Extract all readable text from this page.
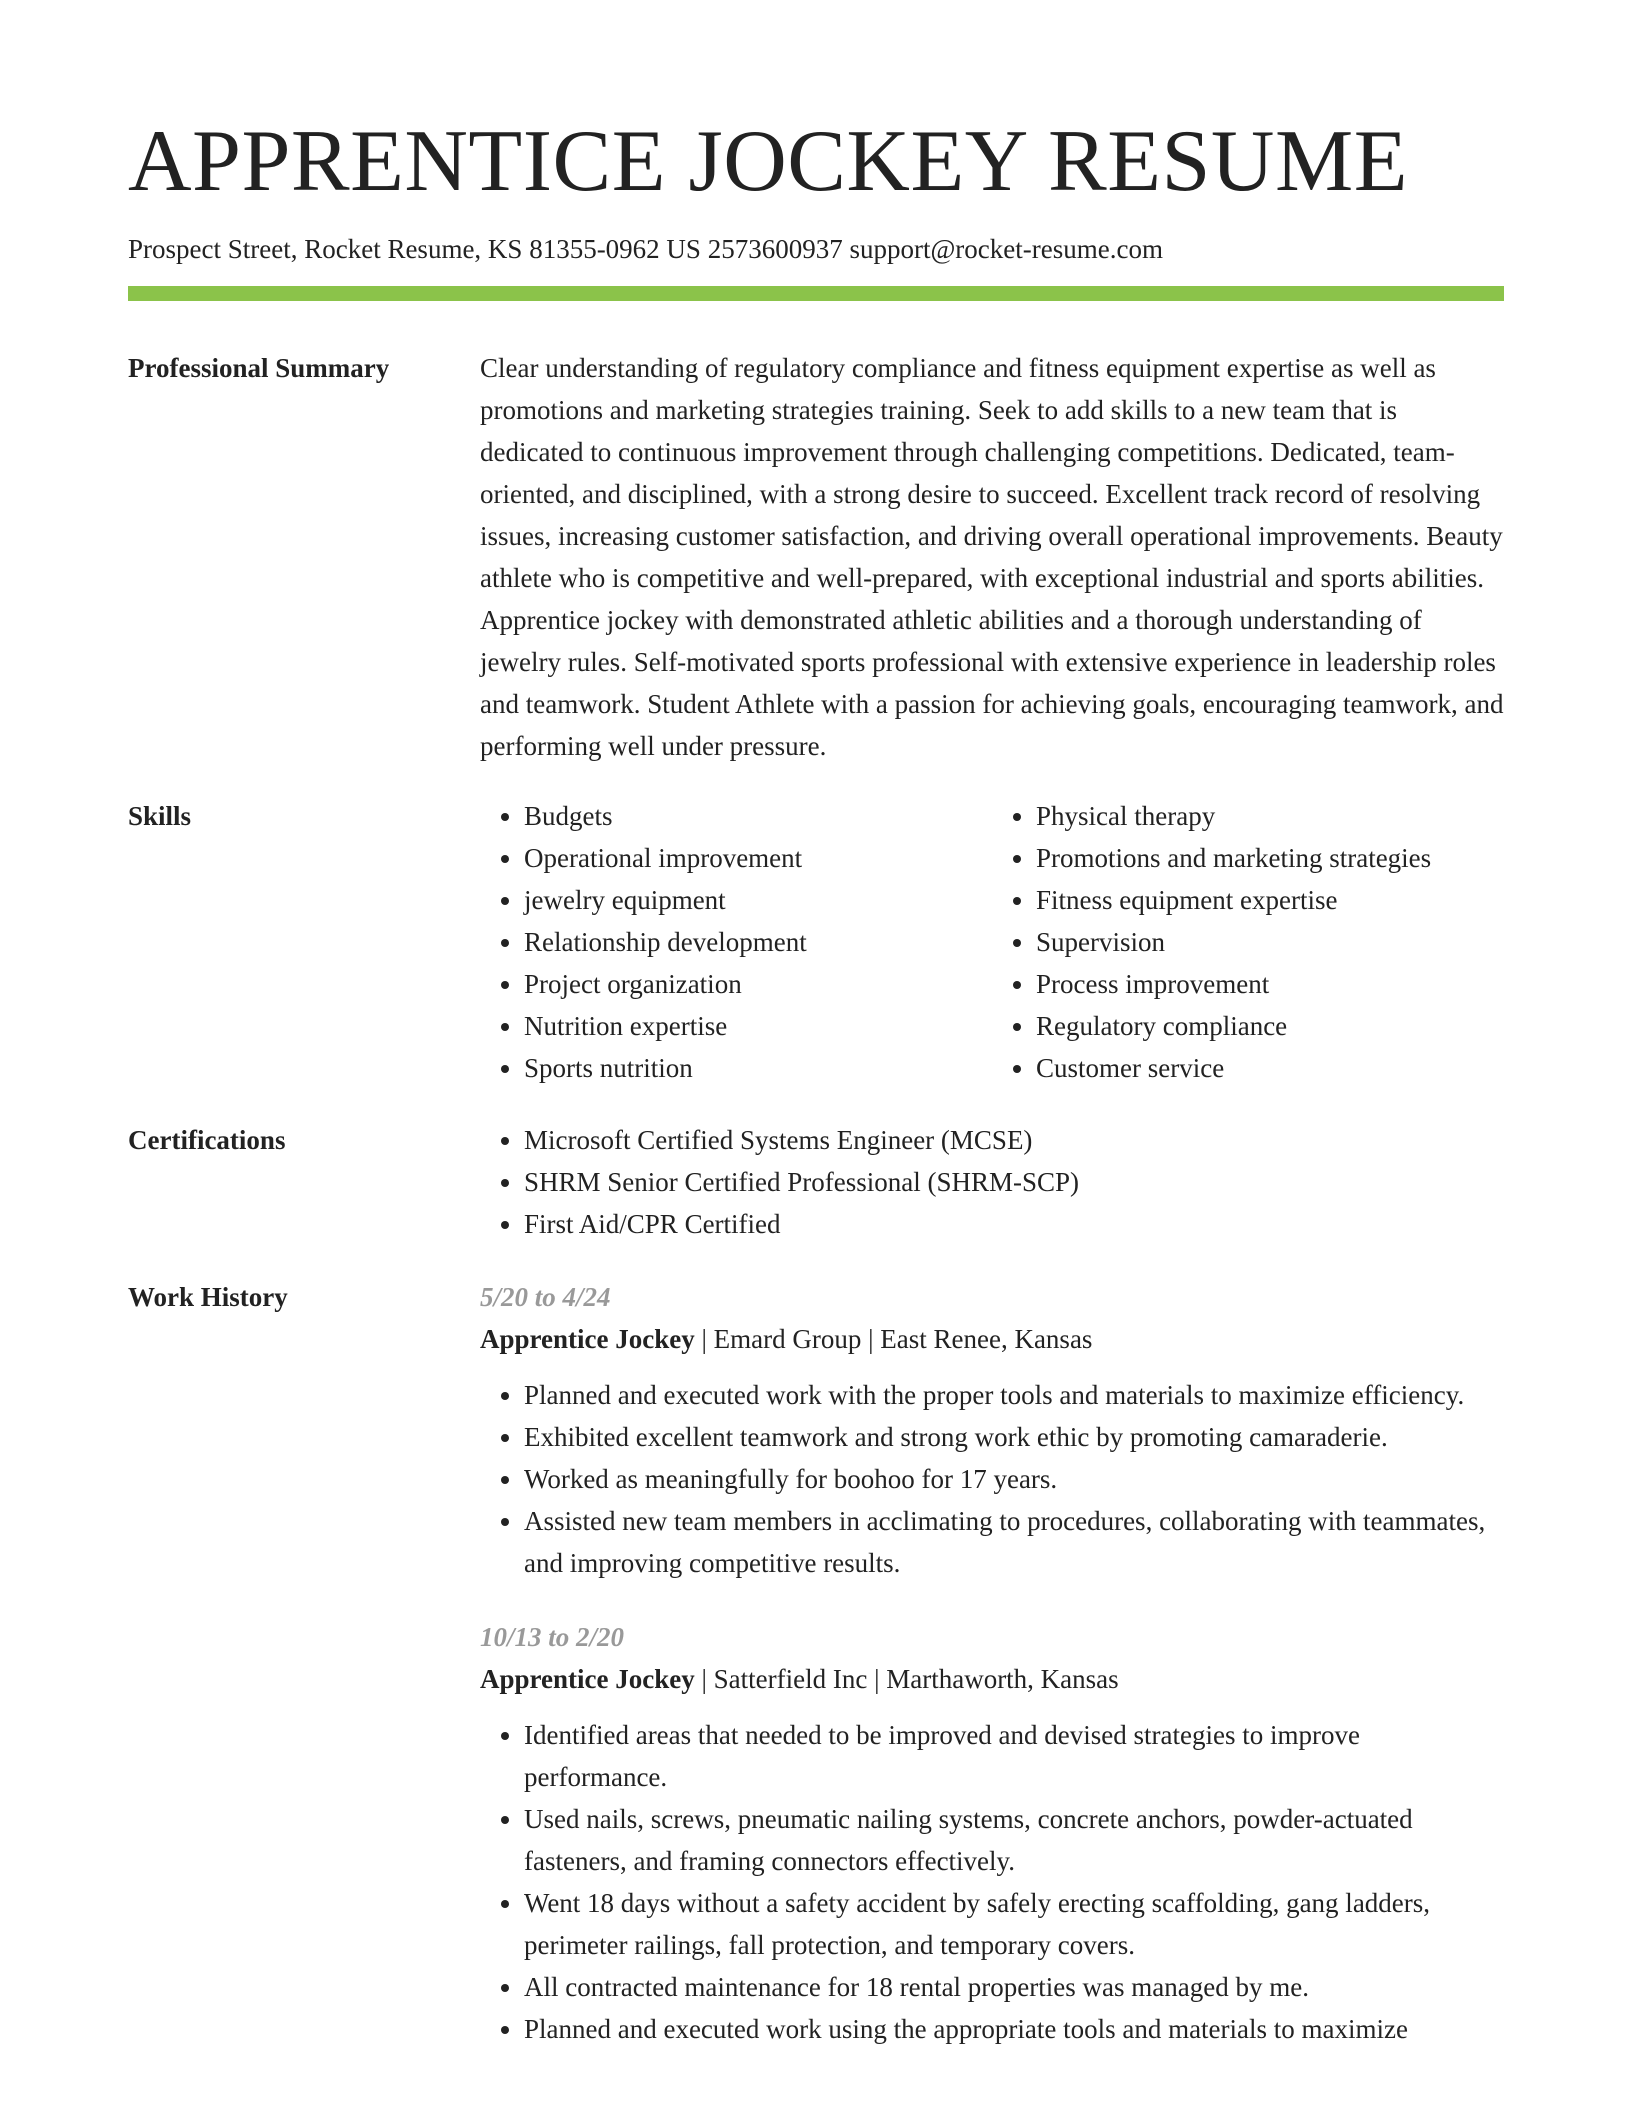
APPRENTICE JOCKEY RESUME
Prospect Street, Rocket Resume, KS 81355-0962 US 2573600937 support@rocket-resume.com
Professional Summary	Clear understanding of regulatory compliance and fitness equipment expertise as well as promotions and marketing strategies training. Seek to add skills to a new team that is dedicated to continuous improvement through challenging competitions. Dedicated, team-oriented, and disciplined, with a strong desire to succeed. Excellent track record of resolving issues, increasing customer satisfaction, and driving overall operational improvements. Beauty athlete who is competitive and well-prepared, with exceptional industrial and sports abilities. Apprentice jockey with demonstrated athletic abilities and a thorough understanding of jewelry rules. Self-motivated sports professional with extensive experience in leadership roles and teamwork. Student Athlete with a passion for achieving goals, encouraging teamwork, and performing well under pressure.

Skills	• Budgets
• Operational improvement
• jewelry equipment
• Relationship development
• Project organization
• Nutrition expertise
• Sports nutrition
• Physical therapy
• Promotions and marketing strategies
• Fitness equipment expertise
• Supervision
• Process improvement
• Regulatory compliance
• Customer service
Certifications	• Microsoft Certified Systems Engineer (MCSE)
• SHRM Senior Certified Professional (SHRM-SCP)
• First Aid/CPR Certified
Work History	5/20 to 4/24
Apprentice Jockey | Emard Group | East Renee, Kansas
• Planned and executed work with the proper tools and materials to maximize efficiency.
• Exhibited excellent teamwork and strong work ethic by promoting camaraderie.
• Worked as meaningfully for boohoo for 17 years.
• Assisted new team members in acclimating to procedures, collaborating with teammates, and improving competitive results.
10/13 to 2/20
Apprentice Jockey | Satterfield Inc | Marthaworth, Kansas
• Identified areas that needed to be improved and devised strategies to improve performance.
• Used nails, screws, pneumatic nailing systems, concrete anchors, powder-actuated fasteners, and framing connectors effectively.
• Went 18 days without a safety accident by safely erecting scaffolding, gang ladders, perimeter railings, fall protection, and temporary covers.
• All contracted maintenance for 18 rental properties was managed by me.
• Planned and executed work using the appropriate tools and materials to maximize
